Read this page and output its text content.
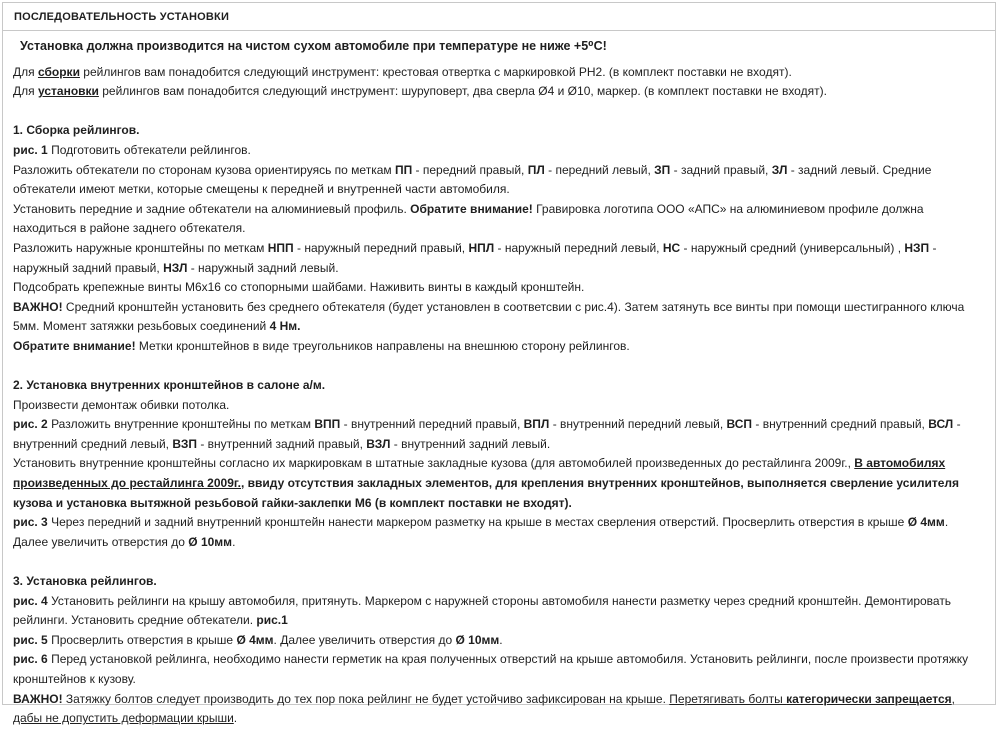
ПОСЛЕДОВАТЕЛЬНОСТЬ УСТАНОВКИ

Установка должна производится на чистом сухом автомобиле при температуре не ниже +5⁰С!

Для сборки рейлингов вам понадобится следующий инструмент: крестовая отвертка с маркировкой PH2. (в комплект поставки не входят).

Для установки рейлингов вам понадобится следующий инструмент: шуруповерт, два сверла Ø4 и Ø10, маркер. (в комплект поставки не входят).

1. Сборка рейлингов.

рис. 1 Подготовить обтекатели рейлингов.

Разложить обтекатели по сторонам кузова ориентируясь по меткам ПП - передний правый, ПЛ - передний левый, ЗП - задний правый, ЗЛ - задний левый. Средние обтекатели имеют метки, которые смещены к передней и внутренней части автомобиля.

Установить передние и задние обтекатели на алюминиевый профиль. Обратите внимание! Гравировка логотипа ООО «АПС» на алюминиевом профиле должна находиться в районе заднего обтекателя.

Разложить наружные кронштейны по меткам НПП - наружный передний правый, НПЛ - наружный передний левый, НС - наружный средний (универсальный) , НЗП - наружный задний правый, НЗЛ - наружный задний левый.

Подсобрать крепежные винты М6х16 со стопорными шайбами. Наживить винты в каждый кронштейн.

ВАЖНО! Средний кронштейн установить без среднего обтекателя (будет установлен в соответсвии с рис.4). Затем затянуть все винты при помощи шестигранного ключа 5мм. Момент затяжки резьбовых соединений 4 Нм.

Обратите внимание! Метки кронштейнов в виде треугольников направлены на внешнюю сторону рейлингов.

2. Установка внутренних кронштейнов в салоне а/м.

Произвести демонтаж обивки потолка.

рис. 2 Разложить внутренние кронштейны по меткам ВПП - внутренний передний правый, ВПЛ - внутренний передний левый, ВСП - внутренний средний правый, ВСЛ - внутренний средний левый, ВЗП - внутренний задний правый, ВЗЛ - внутренний задний левый.

Установить внутренние кронштейны согласно их маркировкам в штатные закладные кузова (для автомобилей произведенных до рестайлинга 2009г., В автомобилях произведенных до рестайлинга 2009г., ввиду отсутствия закладных элементов, для крепления внутренних кронштейнов, выполняется сверление усилителя кузова и установка вытяжной резьбовой гайки-заклепки М6 (в комплект поставки не входят).

рис. 3 Через передний и задний внутренний кронштейн нанести маркером разметку на крыше в местах сверления отверстий. Просверлить отверстия в крыше Ø 4мм. Далее увеличить отверстия до Ø 10мм.

3. Установка рейлингов.

рис. 4 Установить рейлинги на крышу автомобиля, притянуть. Маркером с наружней стороны автомобиля нанести разметку через средний кронштейн. Демонтировать рейлинги. Установить средние обтекатели. рис.1

рис. 5 Просверлить отверстия в крыше Ø 4мм. Далее увеличить отверстия до Ø 10мм.

рис. 6 Перед установкой рейлинга, необходимо нанести герметик на края полученных отверстий на крыше автомобиля. Установить рейлинги, после произвести протяжку кронштейнов к кузову.

ВАЖНО! Затяжку болтов следует производить до тех пор пока рейлинг не будет устойчиво зафиксирован на крыше. Перетягивать болты категорически запрещается, дабы не допустить деформации крыши.
